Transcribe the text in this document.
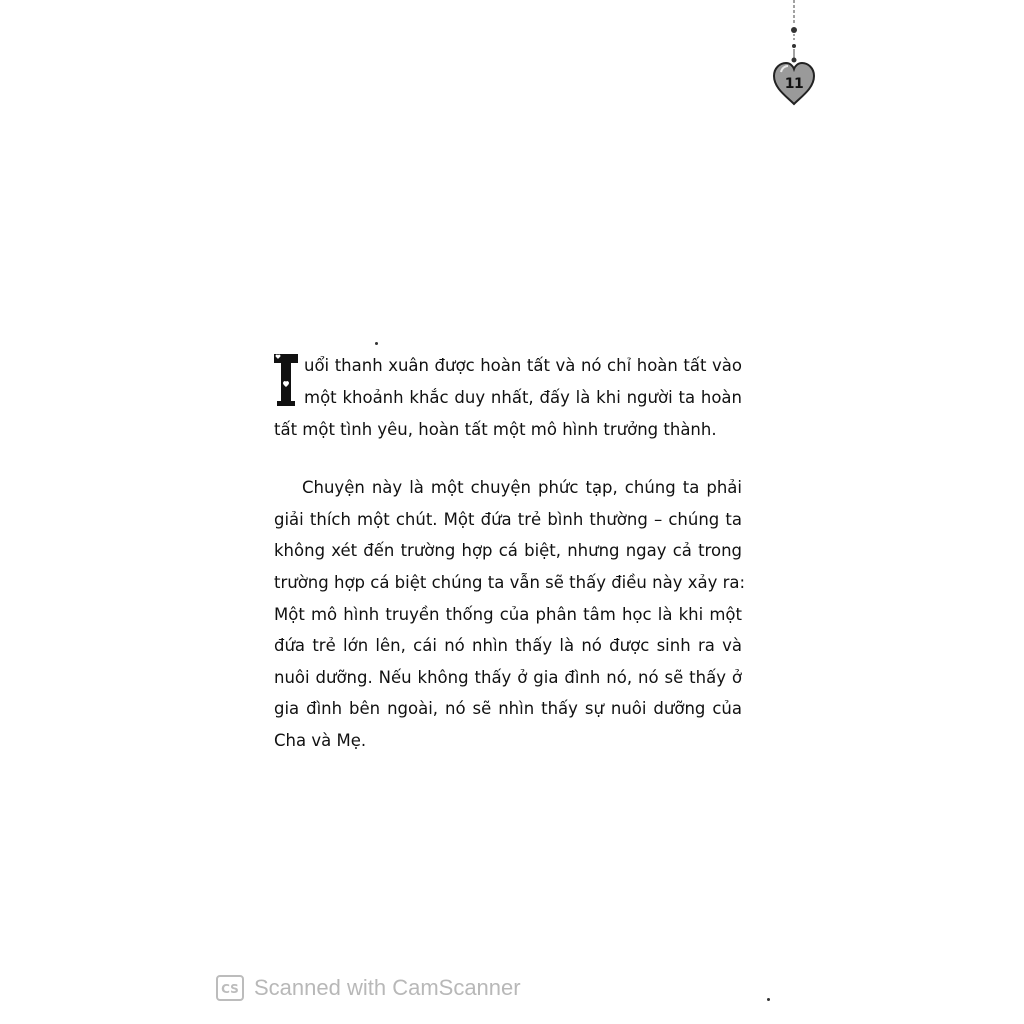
11
uổi thanh xuân được hoàn tất và nó chỉ hoàn tất vào
một khoảnh khắc duy nhất, đấy là khi người ta hoàn
tất một tình yêu, hoàn tất một mô hình trưởng thành.
Chuyện này là một chuyện phức tạp, chúng ta phải
giải thích một chút. Một đứa trẻ bình thường – chúng ta
không xét đến trường hợp cá biệt, nhưng ngay cả trong
trường hợp cá biệt chúng ta vẫn sẽ thấy điều này xảy ra:
Một mô hình truyền thống của phân tâm học là khi một
đứa trẻ lớn lên, cái nó nhìn thấy là nó được sinh ra và
nuôi dưỡng. Nếu không thấy ở gia đình nó, nó sẽ thấy ở
gia đình bên ngoài, nó sẽ nhìn thấy sự nuôi dưỡng của
Cha và Mẹ.
CS Scanned with CamScanner
